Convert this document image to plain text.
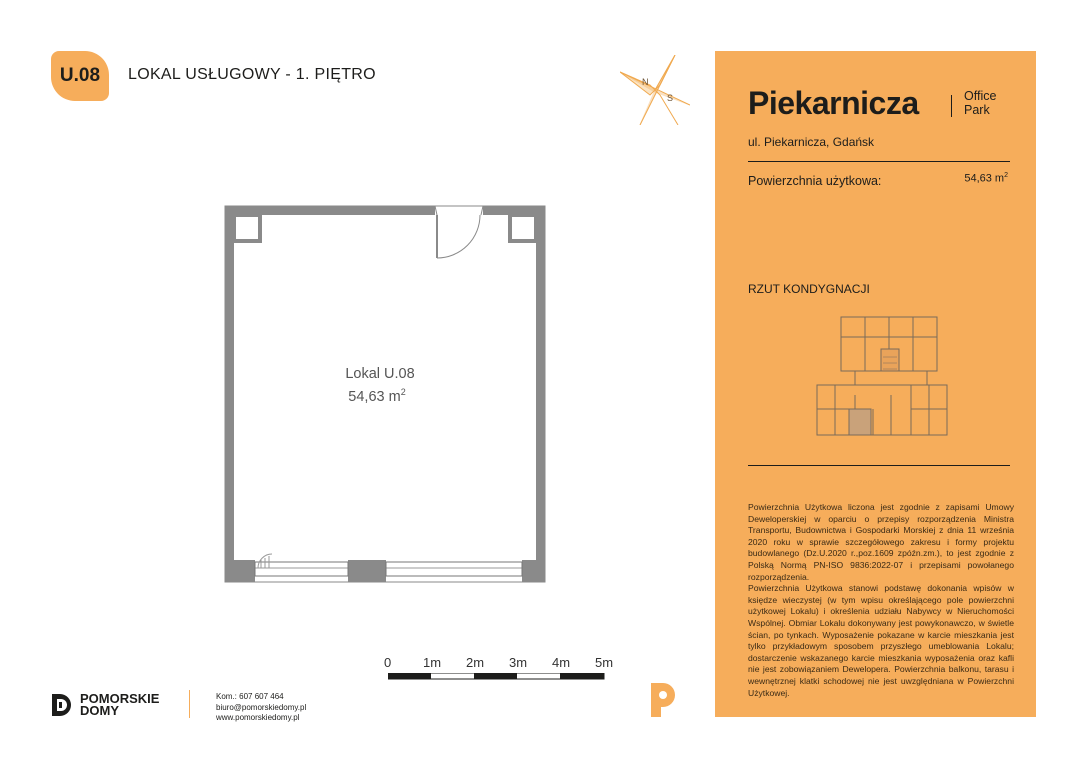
U.08 LOKAL USŁUGOWY - 1. PIĘTRO	N
S
Lokal U.08
54,63 $m^2$
0 1m 2m 3m 4m 5m
Piekarnicza	Office
Park
ul. Piekarnicza, Gdańsk
Powierzchnia użytkowa:	54,63 $m^2$
RZUT KONDYGNACJI

Powierzchnia Użytkowa liczona jest zgodnie z zapisami Umowy Deweloperskiej w oparciu o przepisy rozporządzenia Ministra Transportu, Budownictwa i Gospodarki Morskiej z dnia 11 września 2020 roku w sprawie szczegółowego zakresu i formy projektu budowlanego (Dz.U.2020 r.,poz.1609 zpóźn.zm.), to jest zgodnie z Polską Normą PN-ISO 9836:2022-07 i przepisami powołanego rozporządzenia.

Powierzchnia Użytkowa stanowi podstawę dokonania wpisów w księdze wieczystej (w tym wpisu określającego pole powierzchni użytkowej Lokalu) i określenia udziału Nabywcy w Nieruchomości Wspólnej. Obmiar Lokalu dokonywany jest powykonawczo, w świetle ścian, po tynkach. Wyposażenie pokazane w karcie mieszkania jest tylko przykładowym sposobem przyszłego umeblowania Lokalu; dostarczenie wskazanego karcie mieszkania wyposażenia oraz kafli nie jest zobowiązaniem Dewelopera. Powierzchnia balkonu, tarasu i wewnętrznej klatki schodowej nie jest uwzględniana w Powierzchni Użytkowej.

POMORSKIE
DOMY
Kom.: 607 607 464
biuro@pomorskiedomy.pl
www.pomorskiedomy.pl
